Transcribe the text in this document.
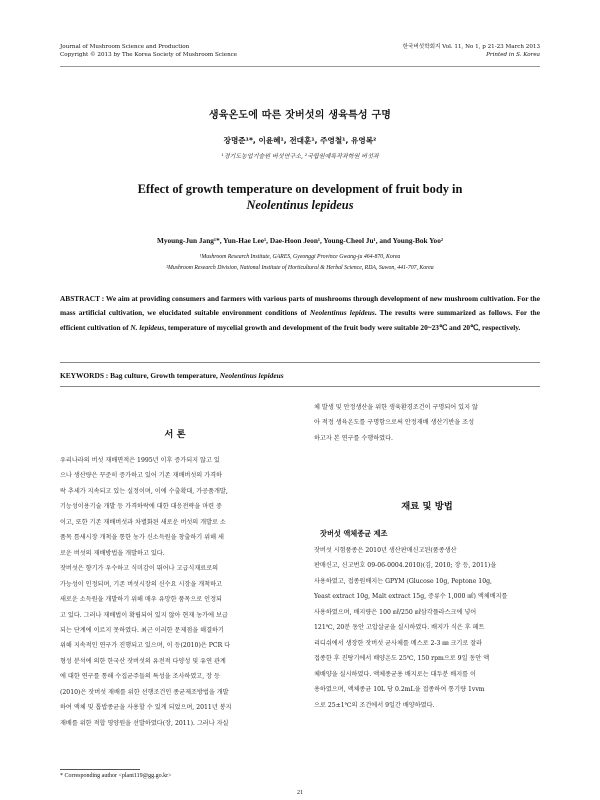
Journal of Mushroom Science and Production
Copyright © 2013 by The Korea Society of Mushroom Science
한국버섯학회지 Vol. 11, No 1, p 21-23 March 2013
Printed in S. Korea
생육온도에 따른 잣버섯의 생육특성 구명
장명준¹*, 이윤혜¹, 전대훈¹, 주영철¹, 유영복²
¹경기도농업기술원 버섯연구소, ²국립원예특작과학원 버섯과
Effect of growth temperature on development of fruit body in
Neolentinus lepideus
Myoung-Jun Jang¹*, Yun-Hae Lee¹, Dae-Hoon Jeon¹, Young-Cheol Ju¹, and Young-Bok Yoo²
¹Mushroom Research Institute, GARES, Gyeonggi Province Gwang-ju 464-870, Korea
²Mushroom Research Division, National Institute of Horticultural & Herbal Science, RDA, Suwon, 441-707, Korea
ABSTRACT : We aim at providing consumers and farmers with various parts of mushrooms through development of new mushroom cultivation. For the mass artificial cultivation, we elucidated suitable environment conditions of Neolentinus lepideus. The results were summarized as follows. For the efficient cultivation of N. lepideus, temperature of mycelial growth and development of the fruit body were suitable 20~23℃ and 20℃, respectively.
KEYWORDS : Bag culture, Growth temperature, Neolentinus lepideus
서 론
우리나라의 버섯 재배면적은 1995년 이후 증가되지 않고 있
으나 생산량은 꾸준히 증가하고 있어 기존 재배버섯의 가격하
락 추세가 지속되고 있는 실정이며, 이에 수출확대, 가공품개발,
기능성이용기술 개발 등 가격하락에 대한 대응전략을 마련 중
이고, 또한 기존 재배버섯과 차별화된 새로운 버섯의 개발로 소
품목 틈새시장 개척을 통한 농가 신소득원을 창출하기 위해 새
로운 버섯의 재배방법을 개발하고 있다.
잣버섯은 향기가 우수하고 식미감이 뛰어나 고급식재료로의
가능성이 인정되며, 기존 버섯시장의 신수요 시장을 개척하고
새로운 소득원을 개발하기 위해 매우 유망한 품목으로 인정되
고 있다. 그러나 재배법이 확립되어 있지 않아 현재 농가에 보급
되는 단계에 이르지 못하였다. 최근 이러한 문제점을 해결하기
위해 지속적인 연구가 진행되고 있으며, 이 등(2010)은 PCR 다
형성 분석에 의한 한국산 잣버섯의 유전적 다양성 및 유연 관계
에 대한 연구를 통해 수집균주들의 특성을 조사하였고, 장 등
(2010)은 잣버섯 재배를 위한 선행조건인 종균제조방법을 개발
하여 액체 및 톱밥종균을 사용할 수 있게 되었으며, 2011년 봉지
재배를 위한 적합 영양원을 선발하였다(장, 2011). 그러나 자실
체 발생 및 안정생산을 위한 생육환경조건이 구명되어 있지 않
아 적정 생육온도를 구명함으로써 안정재배 생산기반을 조성
하고자 본 연구를 수행하였다.
재료 및 방법
잣버섯 액체종균 제조
잣버섯 시험품종은 2010년 생산판매신고된(품종생산
판매신고, 신고번호 09-06-0004.2010)(김, 2010; 장 등, 2011)을
사용하였고, 접종원배지는 GPYM (Glucose 10g, Peptone 10g,
Yeast extract 10g, Malt extract 15g, 증류수 1,000 ㎖) 액체배지를
사용하였으며, 배지량은 100 ㎖/250 ㎖삼각플라스크에 넣어
121℃, 20분 동안 고압살균을 실시하였다. 배지가 식은 후 페트
리디쉬에서 생장한 잣버섯 균사체를 메스로 2-3 ㎜ 크기로 잘라
접종한 후 진탕기에서 배양온도 25℃, 150 rpm으로 9일 동안 액
체배양을 실시하였다. 액체종균용 배지로는 대두분 배지를 이
용하였으며, 액체종균 10L 당 0.2mL을 접종하여 통기량 1vvm
으로 25±1℃의 조건에서 9일간 배양하였다.
* Corresponding author <plant119@gg.go.kr>
21
